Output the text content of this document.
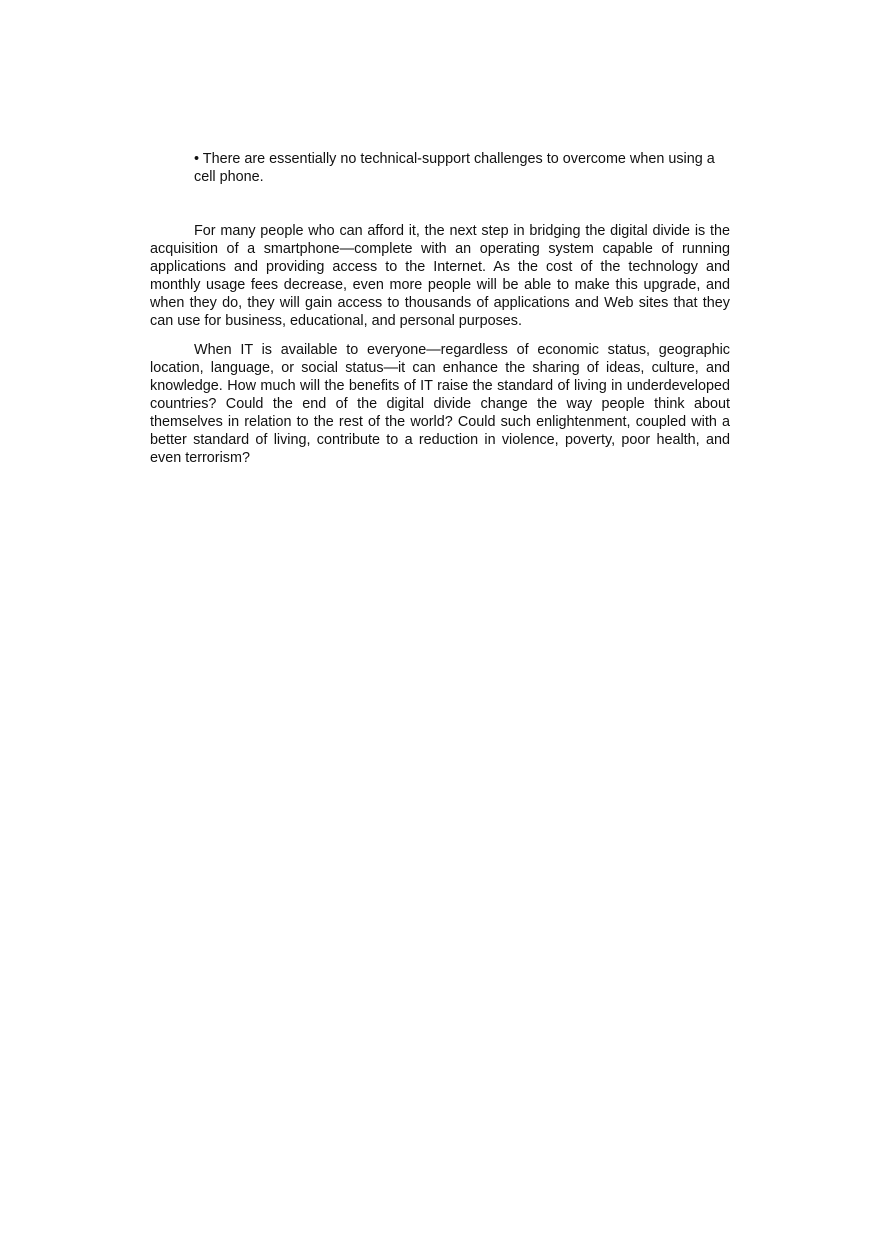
• There are essentially no technical-support challenges to overcome when using a cell phone.

For many people who can afford it, the next step in bridging the digital divide is the acquisition of a smartphone—complete with an operating system capable of running applications and providing access to the Internet. As the cost of the technology and monthly usage fees decrease, even more people will be able to make this upgrade, and when they do, they will gain access to thousands of applications and Web sites that they can use for business, educational, and personal purposes.

When IT is available to everyone—regardless of economic status, geographic location, language, or social status—it can enhance the sharing of ideas, culture, and knowledge. How much will the benefits of IT raise the standard of living in underdeveloped countries? Could the end of the digital divide change the way people think about themselves in relation to the rest of the world? Could such enlightenment, coupled with a better standard of living, contribute to a reduction in violence, poverty, poor health, and even terrorism?
